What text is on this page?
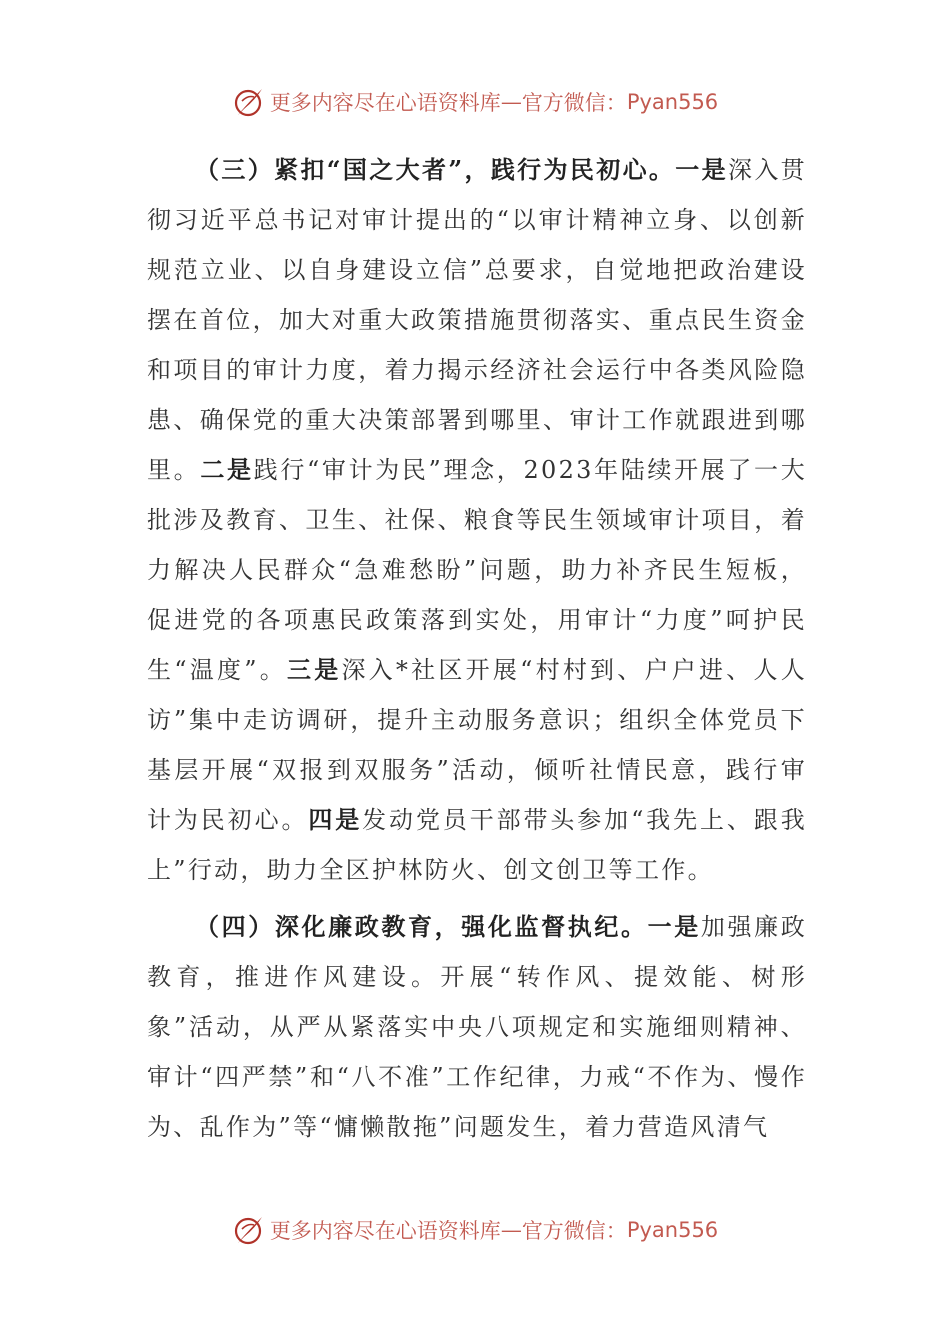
更多内容尽在心语资料库 — 官方微信： Pyan556

（三）紧扣“国之大者”，践行为民初心。一是深入贯彻习近平总书记对审计提出的“以审计精神立身、以创新规范立业、以自身建设立信”总要求，自觉地把政治建设摆在首位，加大对重大政策措施贯彻落实、重点民生资金和项目的审计力度，着力揭示经济社会运行中各类风险隐患、确保党的重大决策部署到哪里、审计工作就跟进到哪里。二是践行“审计为民”理念，2023年陆续开展了一大批涉及教育、卫生、社保、粮食等民生领域审计项目，着力解决人民群众“急难愁盼”问题，助力补齐民生短板，促进党的各项惠民政策落到实处，用审计“力度”呵护民生“温度”。三是深入*社区开展“村村到、户户进、人人访”集中走访调研，提升主动服务意识；组织全体党员下基层开展“双报到双服务”活动，倾听社情民意，践行审计为民初心。四是发动党员干部带头参加“我先上、跟我上”行动，助力全区护林防火、创文创卫等工作。

（四）深化廉政教育，强化监督执纪。一是加强廉政教育，推进作风建设。开展“转作风、提效能、树形象”活动，从严从紧落实中央八项规定和实施细则精神、审计“四严禁”和“八不准”工作纪律，力戒“不作为、慢作为、乱作为”等“慵懒散拖”问题发生，着力营造风清气

更多内容尽在心语资料库 — 官方微信： Pyan556
